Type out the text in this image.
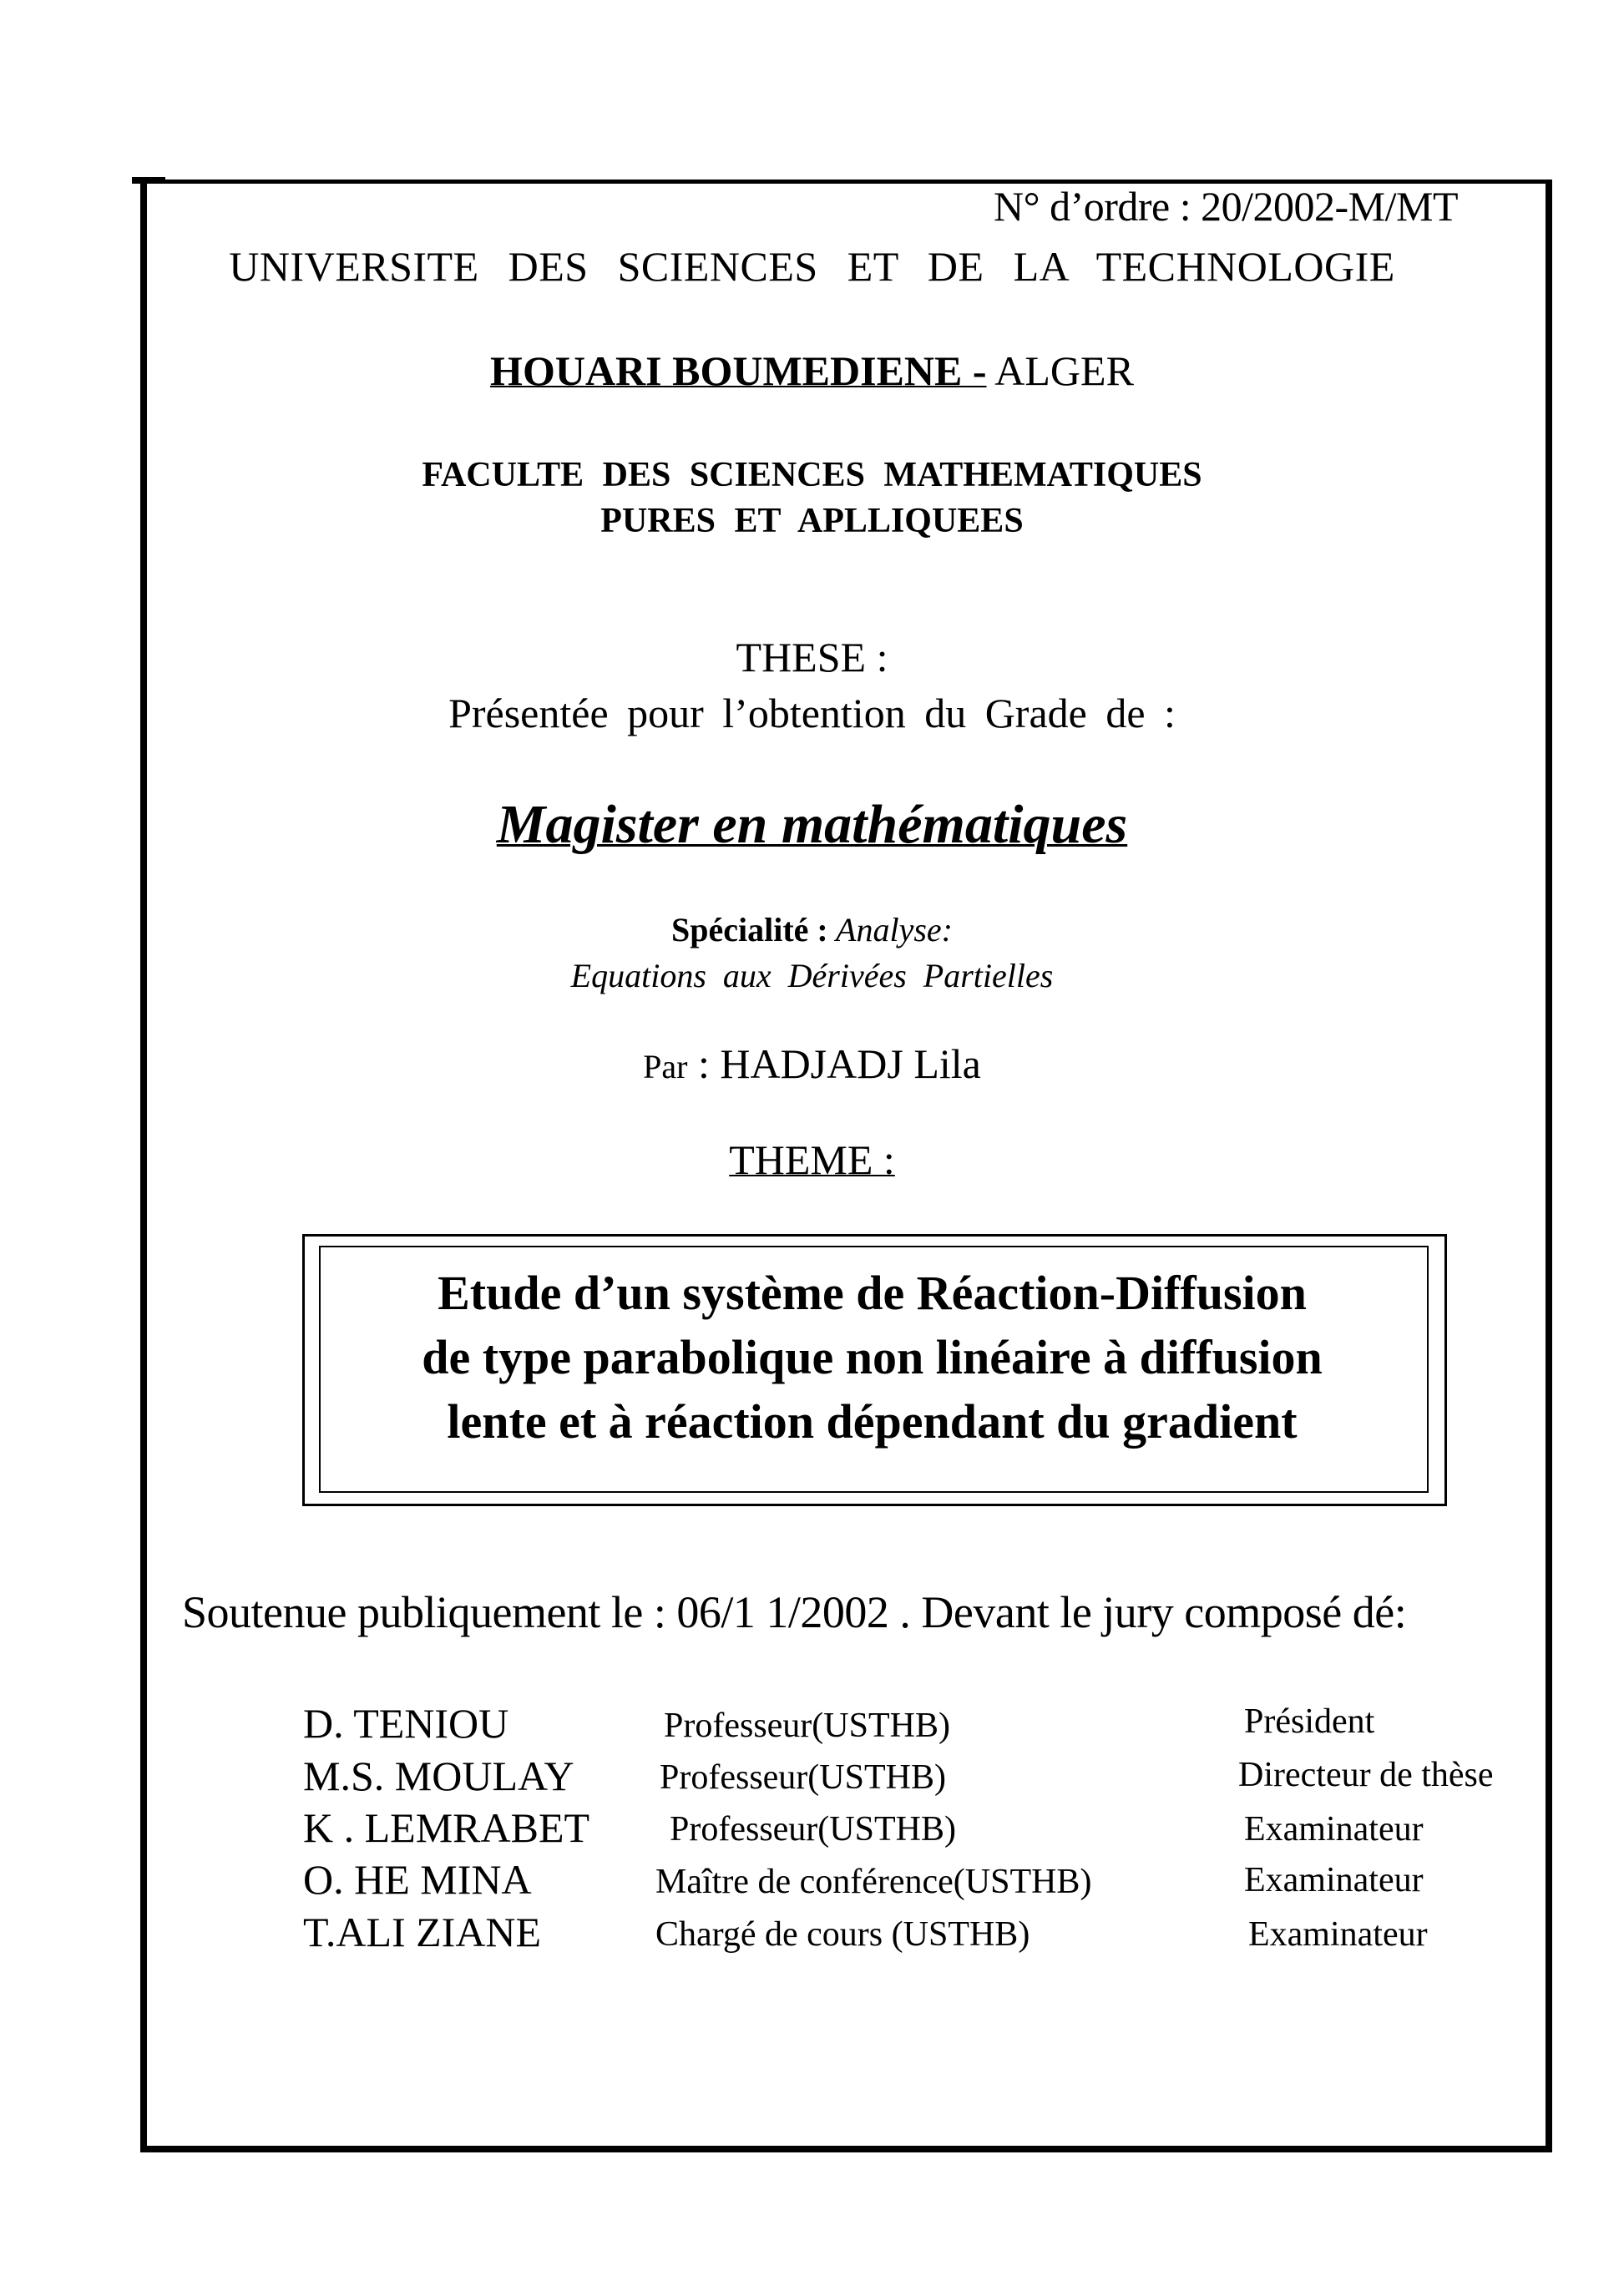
N° d’ordre : 20/2002-M/MT
UNIVERSITE DES SCIENCES ET DE LA TECHNOLOGIE
HOUARI BOUMEDIENE - ALGER
FACULTE DES SCIENCES MATHEMATIQUES
PURES ET APLLIQUEES
THESE :
Présentée pour l’obtention du Grade de :
Magister en mathématiques
Spécialité : Analyse:
Equations aux Dérivées Partielles
Par : HADJADJ Lila
THEME :
Etude d’un système de Réaction-Diffusion
de type parabolique non linéaire à diffusion
lente et à réaction dépendant du gradient
Soutenue publiquement le : 06/1 1/2002 . Devant le jury composé dé:
D. TENIOU	Professeur(USTHB)	Président
M.S. MOULAY Professeur(USTHB)	Directeur de thèse
K . LEMRABET Professeur(USTHB)	Examinateur
O. HE MINA	Maître de conférence(USTHB)	Examinateur
T.ALI ZIANE	Chargé de cours (USTHB)	Examinateur
